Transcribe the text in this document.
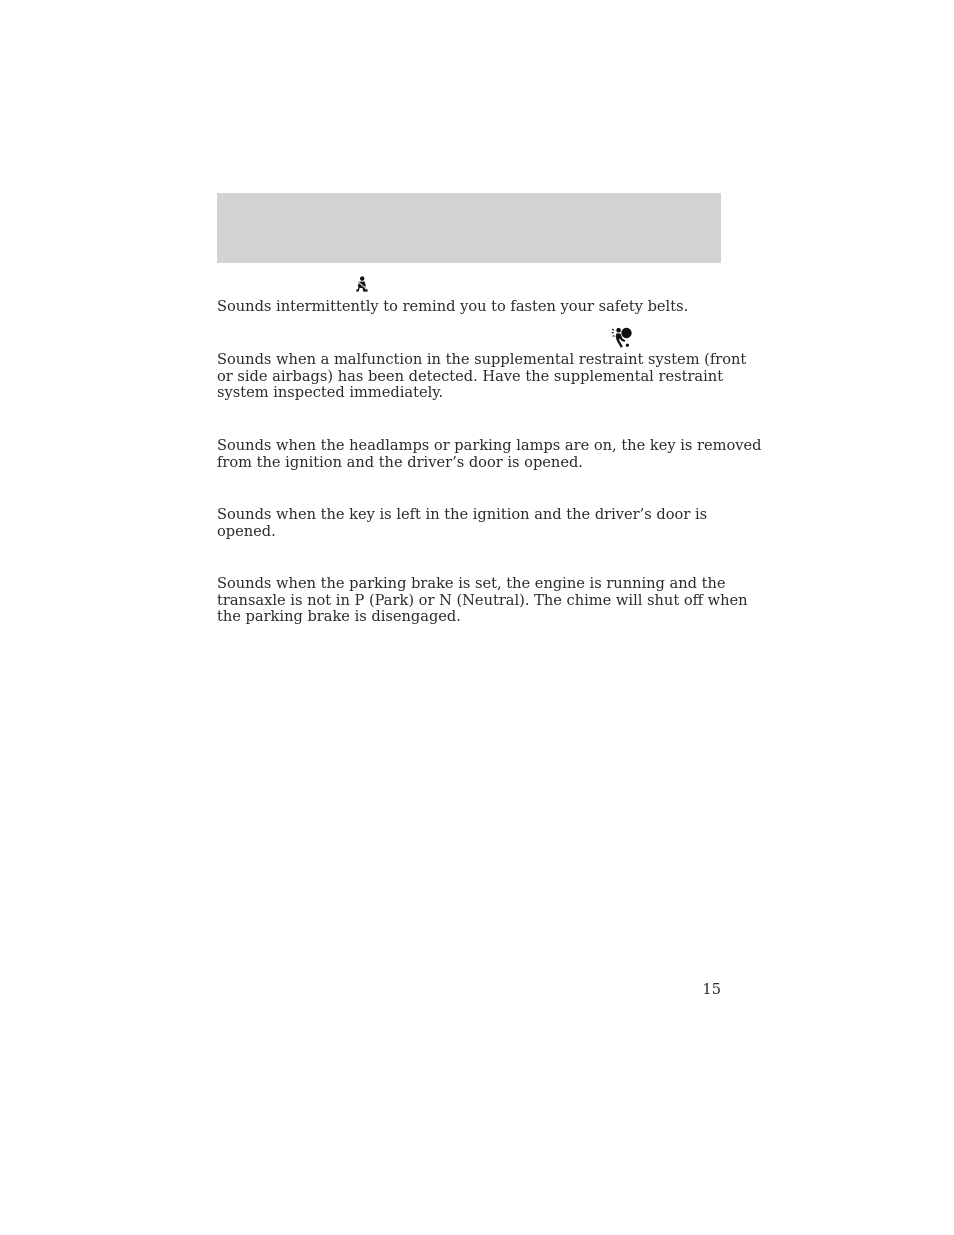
Sounds intermittently to remind you to fasten your safety belts.

Sounds when a malfunction in the supplemental restraint system (front
or side airbags) has been detected. Have the supplemental restraint
system inspected immediately.

Sounds when the headlamps or parking lamps are on, the key is removed
from the ignition and the driver’s door is opened.

Sounds when the key is left in the ignition and the driver’s door is
opened.

Sounds when the parking brake is set, the engine is running and the
transaxle is not in P (Park) or N (Neutral). The chime will shut off when
the parking brake is disengaged.

15
